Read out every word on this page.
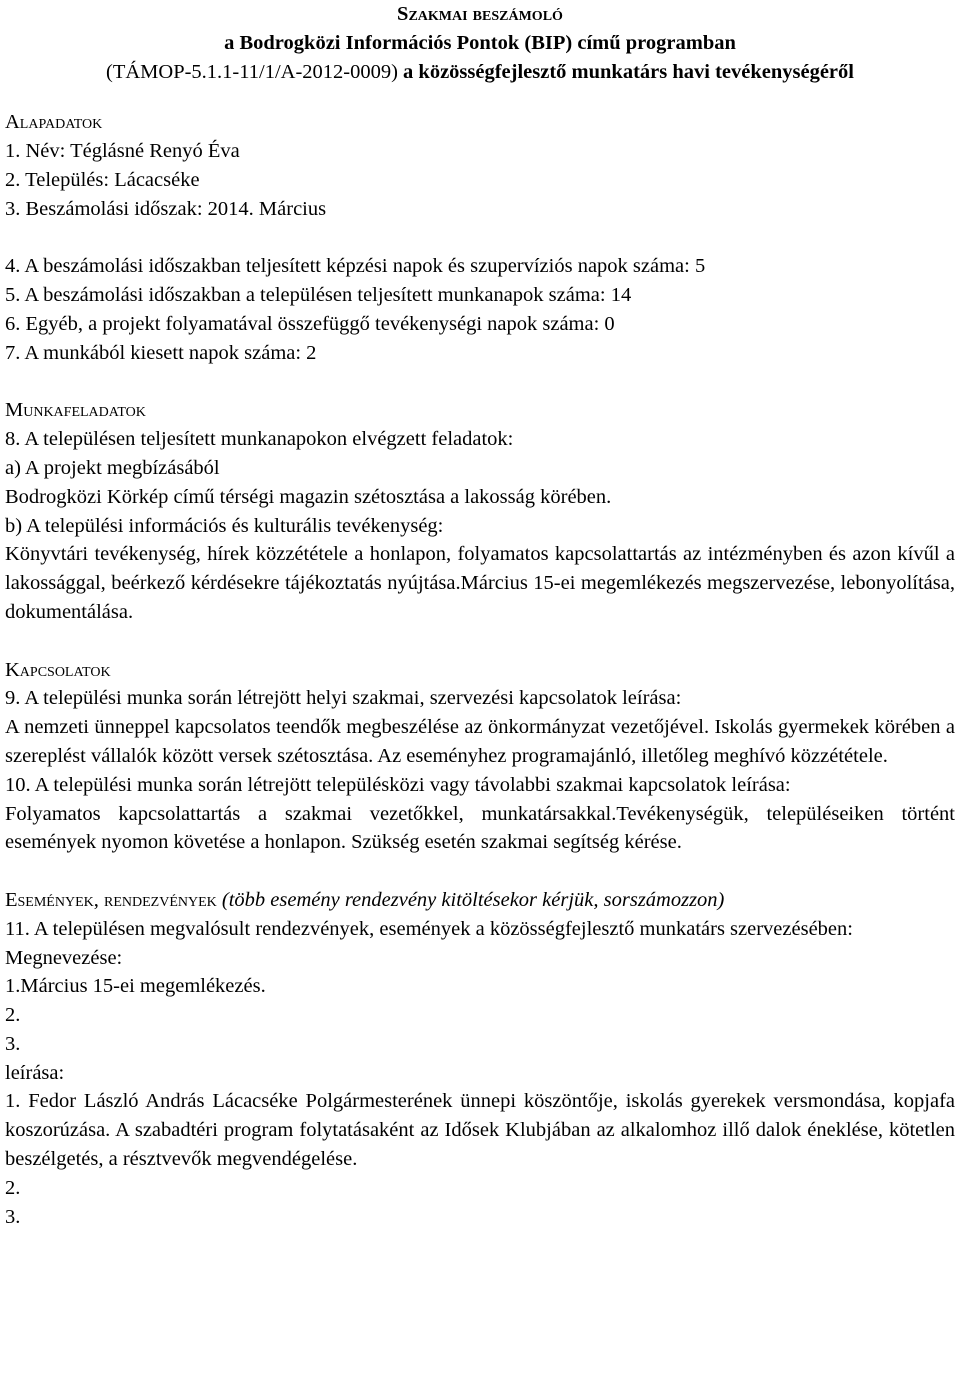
Szakmai beszámoló
a Bodrogközi Információs Pontok (BIP) című programban
(TÁMOP-5.1.1-11/1/A-2012-0009) a közösségfejlesztő munkatárs havi tevékenységéről
Alapadatok
1. Név: Téglásné Renyó Éva
2. Település: Lácacséke
3. Beszámolási időszak: 2014. Március
4. A beszámolási időszakban teljesített képzési napok és szupervíziós napok száma: 5
5. A beszámolási időszakban a településen teljesített munkanapok száma: 14
6. Egyéb, a projekt folyamatával összefüggő tevékenységi napok száma: 0
7. A munkából kiesett napok száma: 2
Munkafeladatok
8. A településen teljesített munkanapokon elvégzett feladatok:
a) A projekt megbízásából
Bodrogközi Körkép című térségi magazin szétosztása a lakosság körében.
b) A települési információs és kulturális tevékenység:

Könyvtári tevékenység, hírek közzététele a honlapon, folyamatos kapcsolattartás az intézményben és azon kívűl a lakossággal, beérkező kérdésekre tájékoztatás nyújtása.Március 15-ei megemlékezés megszervezése, lebonyolítása, dokumentálása.

Kapcsolatok
9. A települési munka során létrejött helyi szakmai, szervezési kapcsolatok leírása:

A nemzeti ünneppel kapcsolatos teendők megbeszélése az önkormányzat vezetőjével. Iskolás gyermekek körében a szereplést vállalók között versek szétosztása. Az eseményhez programajánló, illetőleg meghívó közzététele.

10. A települési munka során létrejött településközi vagy távolabbi szakmai kapcsolatok leírása:

Folyamatos kapcsolattartás a szakmai vezetőkkel, munkatársakkal.Tevékenységük, településeiken történt események nyomon követése a honlapon. Szükség esetén szakmai segítség kérése.

Események, rendezvények (több esemény rendezvény kitöltésekor kérjük, sorszámozzon)

11. A településen megvalósult rendezvények, események a közösségfejlesztő munkatárs szervezésében:

Megnevezése:
1.Március 15-ei megemlékezés.
2.
3.
leírása:

1. Fedor László András Lácacséke Polgármesterének ünnepi köszöntője, iskolás gyerekek versmondása, kopjafa koszorúzása. A szabadtéri program folytatásaként az Idősek Klubjában az alkalomhoz illő dalok éneklése, kötetlen beszélgetés, a résztvevők megvendégelése.

2.
3.
